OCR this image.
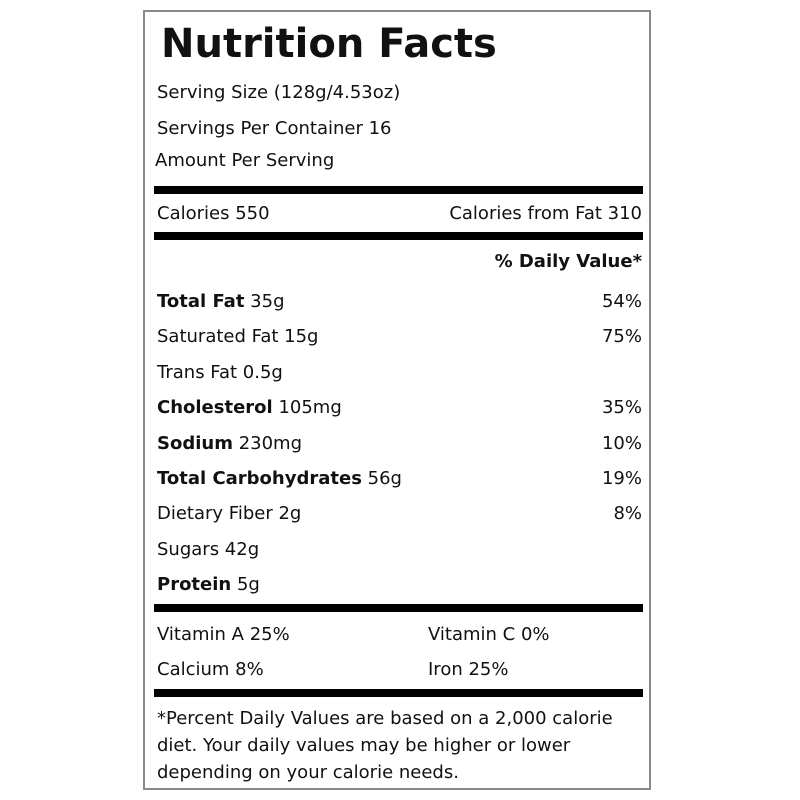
Nutrition Facts
Serving Size (128g/4.53oz)
Servings Per Container 16
Amount Per Serving
Calories 550	Calories from Fat 310
% Daily Value*
Total Fat 35g	54%
Saturated Fat 15g	75%
Trans Fat 0.5g
Cholesterol 105mg	35%
Sodium 230mg	10%
Total Carbohydrates 56g	19%
Dietary Fiber 2g	8%
Sugars 42g
Protein 5g
Vitamin A 25%	Vitamin C 0%
Calcium 8%	Iron 25%
*Percent Daily Values are based on a 2,000 calorie diet. Your daily values may be higher or lower depending on your calorie needs.
